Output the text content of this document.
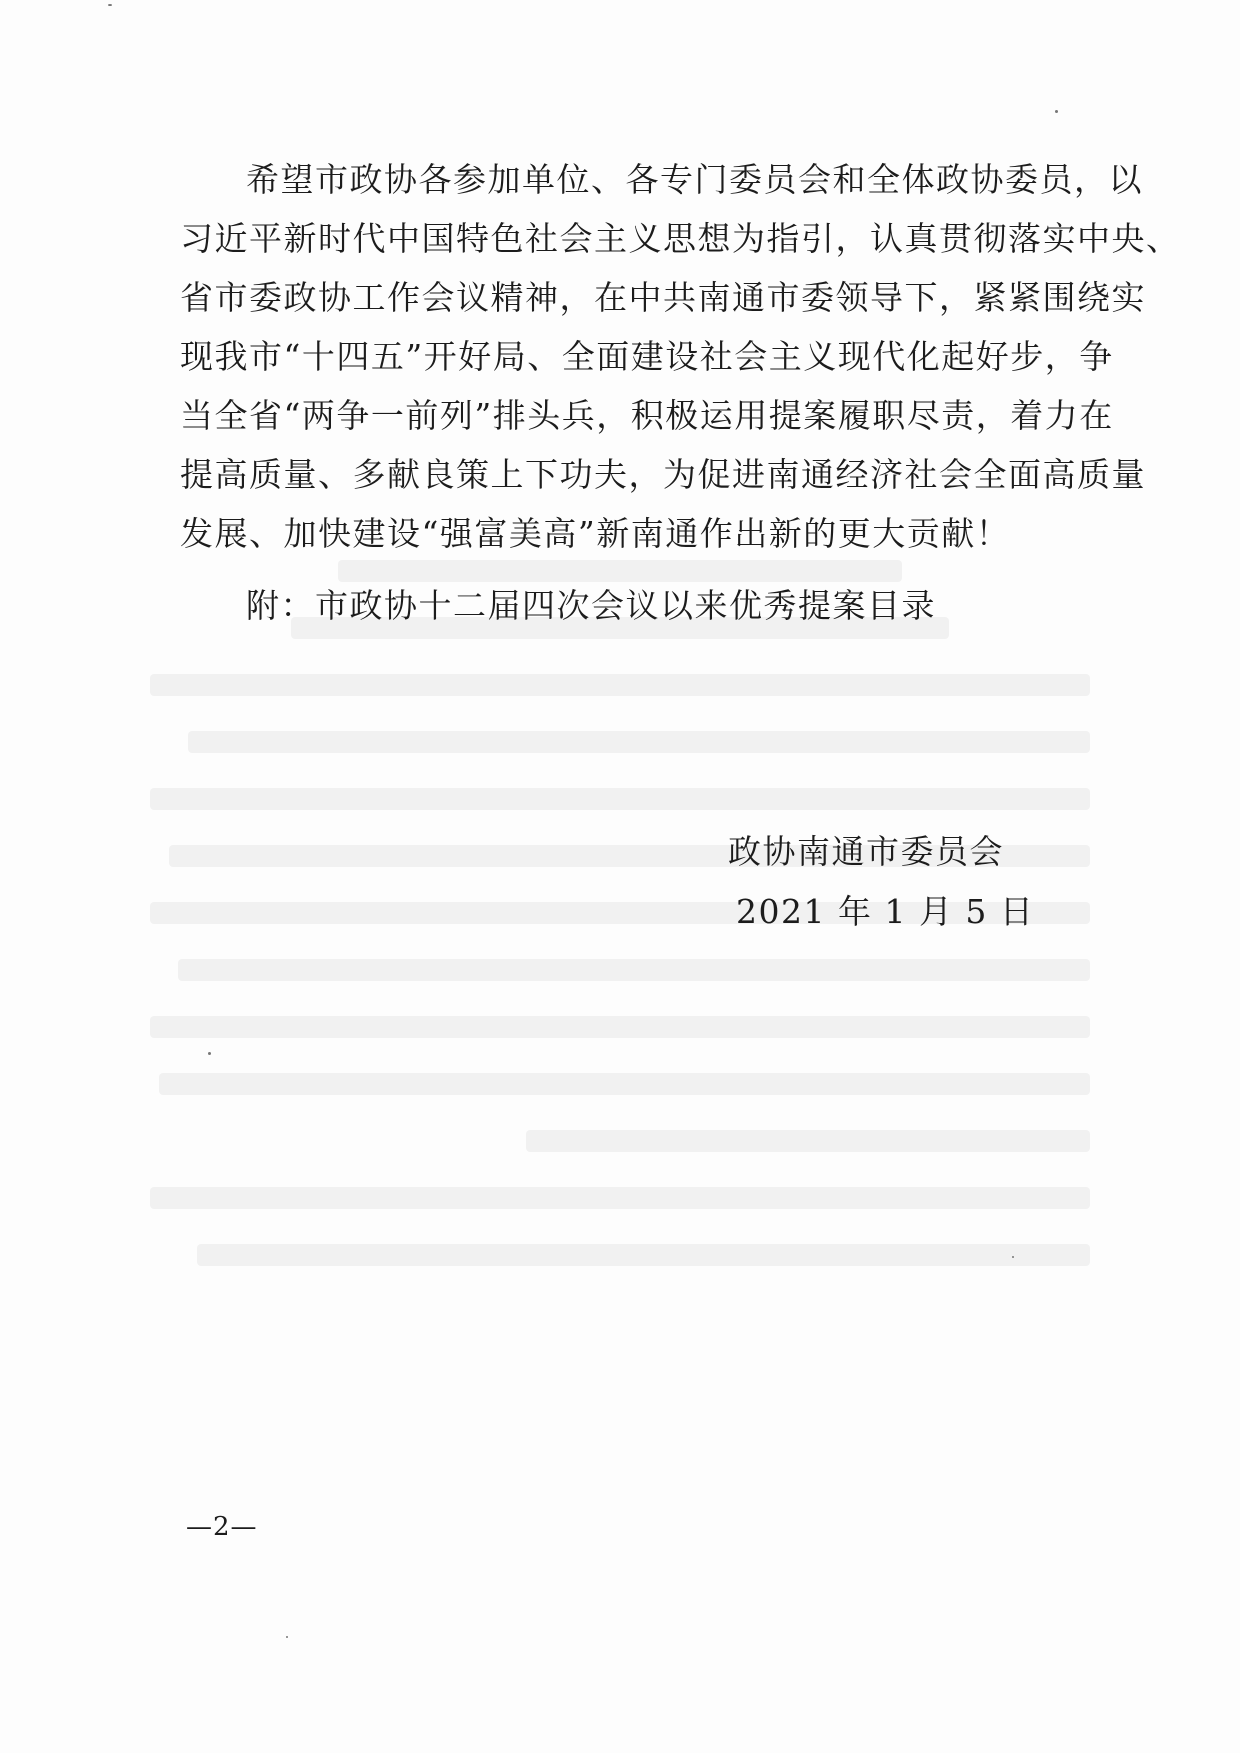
希望市政协各参加单位、各专门委员会和全体政协委员，以
习近平新时代中国特色社会主义思想为指引，认真贯彻落实中央、
省市委政协工作会议精神，在中共南通市委领导下，紧紧围绕实
现我市“十四五”开好局、全面建设社会主义现代化起好步，争
当全省“两争一前列”排头兵，积极运用提案履职尽责，着力在
提高质量、多献良策上下功夫，为促进南通经济社会全面高质量
发展、加快建设“强富美高”新南通作出新的更大贡献！
附：市政协十二届四次会议以来优秀提案目录
政协南通市委员会
2021 年 1 月 5 日
—2—
